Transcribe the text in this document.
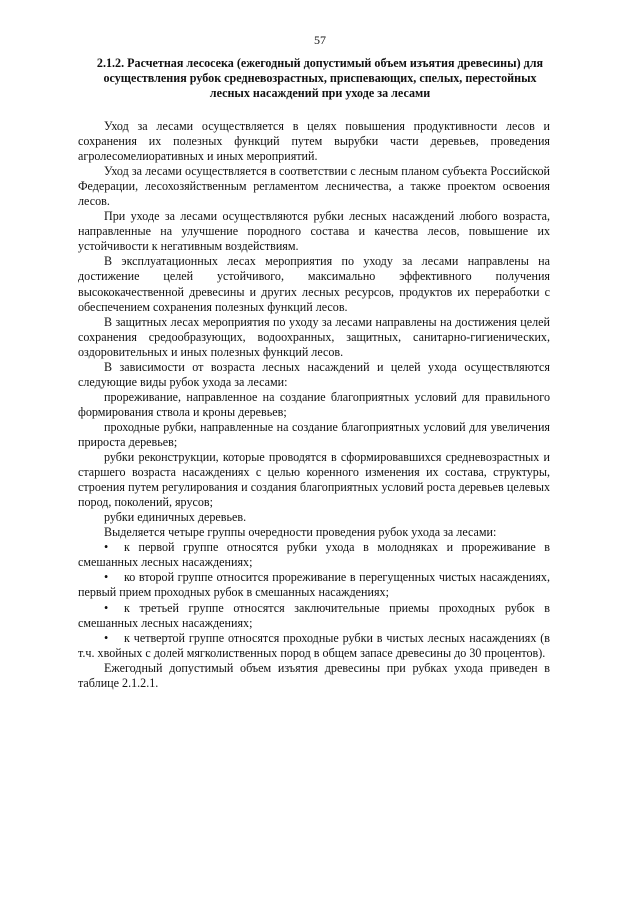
57
2.1.2. Расчетная лесосека (ежегодный допустимый объем изъятия древесины) для осуществления рубок средневозрастных, приспевающих, спелых, перестойных лесных насаждений при уходе за лесами

Уход за лесами осуществляется в целях повышения продуктивности лесов и сохранения их полезных функций путем вырубки части деревьев, проведения агролесомелиоративных и иных мероприятий.

Уход за лесами осуществляется в соответствии с лесным планом субъекта Российской Федерации, лесохозяйственным регламентом лесничества, а также проектом освоения лесов.

При уходе за лесами осуществляются рубки лесных насаждений любого возраста, направленные на улучшение породного состава и качества лесов, повышение их устойчивости к негативным воздействиям.

В эксплуатационных лесах мероприятия по уходу за лесами направлены на достижение целей устойчивого, максимально эффективного получения высококачественной древесины и других лесных ресурсов, продуктов их переработки с обеспечением сохранения полезных функций лесов.

В защитных лесах мероприятия по уходу за лесами направлены на достижения целей сохранения средообразующих, водоохранных, защитных, санитарно-гигиенических, оздоровительных и иных полезных функций лесов.

В зависимости от возраста лесных насаждений и целей ухода осуществляются следующие виды рубок ухода за лесами:

прореживание, направленное на создание благоприятных условий для правильного формирования ствола и кроны деревьев;

проходные рубки, направленные на создание благоприятных условий для увеличения прироста деревьев;

рубки реконструкции, которые проводятся в сформировавшихся средневозрастных и старшего возраста насаждениях с целью коренного изменения их состава, структуры, строения путем регулирования и создания благоприятных условий роста деревьев целевых пород, поколений, ярусов;

рубки единичных деревьев.

Выделяется четыре группы очередности проведения рубок ухода за лесами:

• к первой группе относятся рубки ухода в молодняках и прореживание в смешанных лесных насаждениях;

• ко второй группе относится прореживание в перегущенных чистых насаждениях, первый прием проходных рубок в смешанных насаждениях;

• к третьей группе относятся заключительные приемы проходных рубок в смешанных лесных насаждениях;

• к четвертой группе относятся проходные рубки в чистых лесных насаждениях (в т.ч. хвойных с долей мягколиственных пород в общем запасе древесины до 30 процентов).

Ежегодный допустимый объем изъятия древесины при рубках ухода приведен в таблице 2.1.2.1.
